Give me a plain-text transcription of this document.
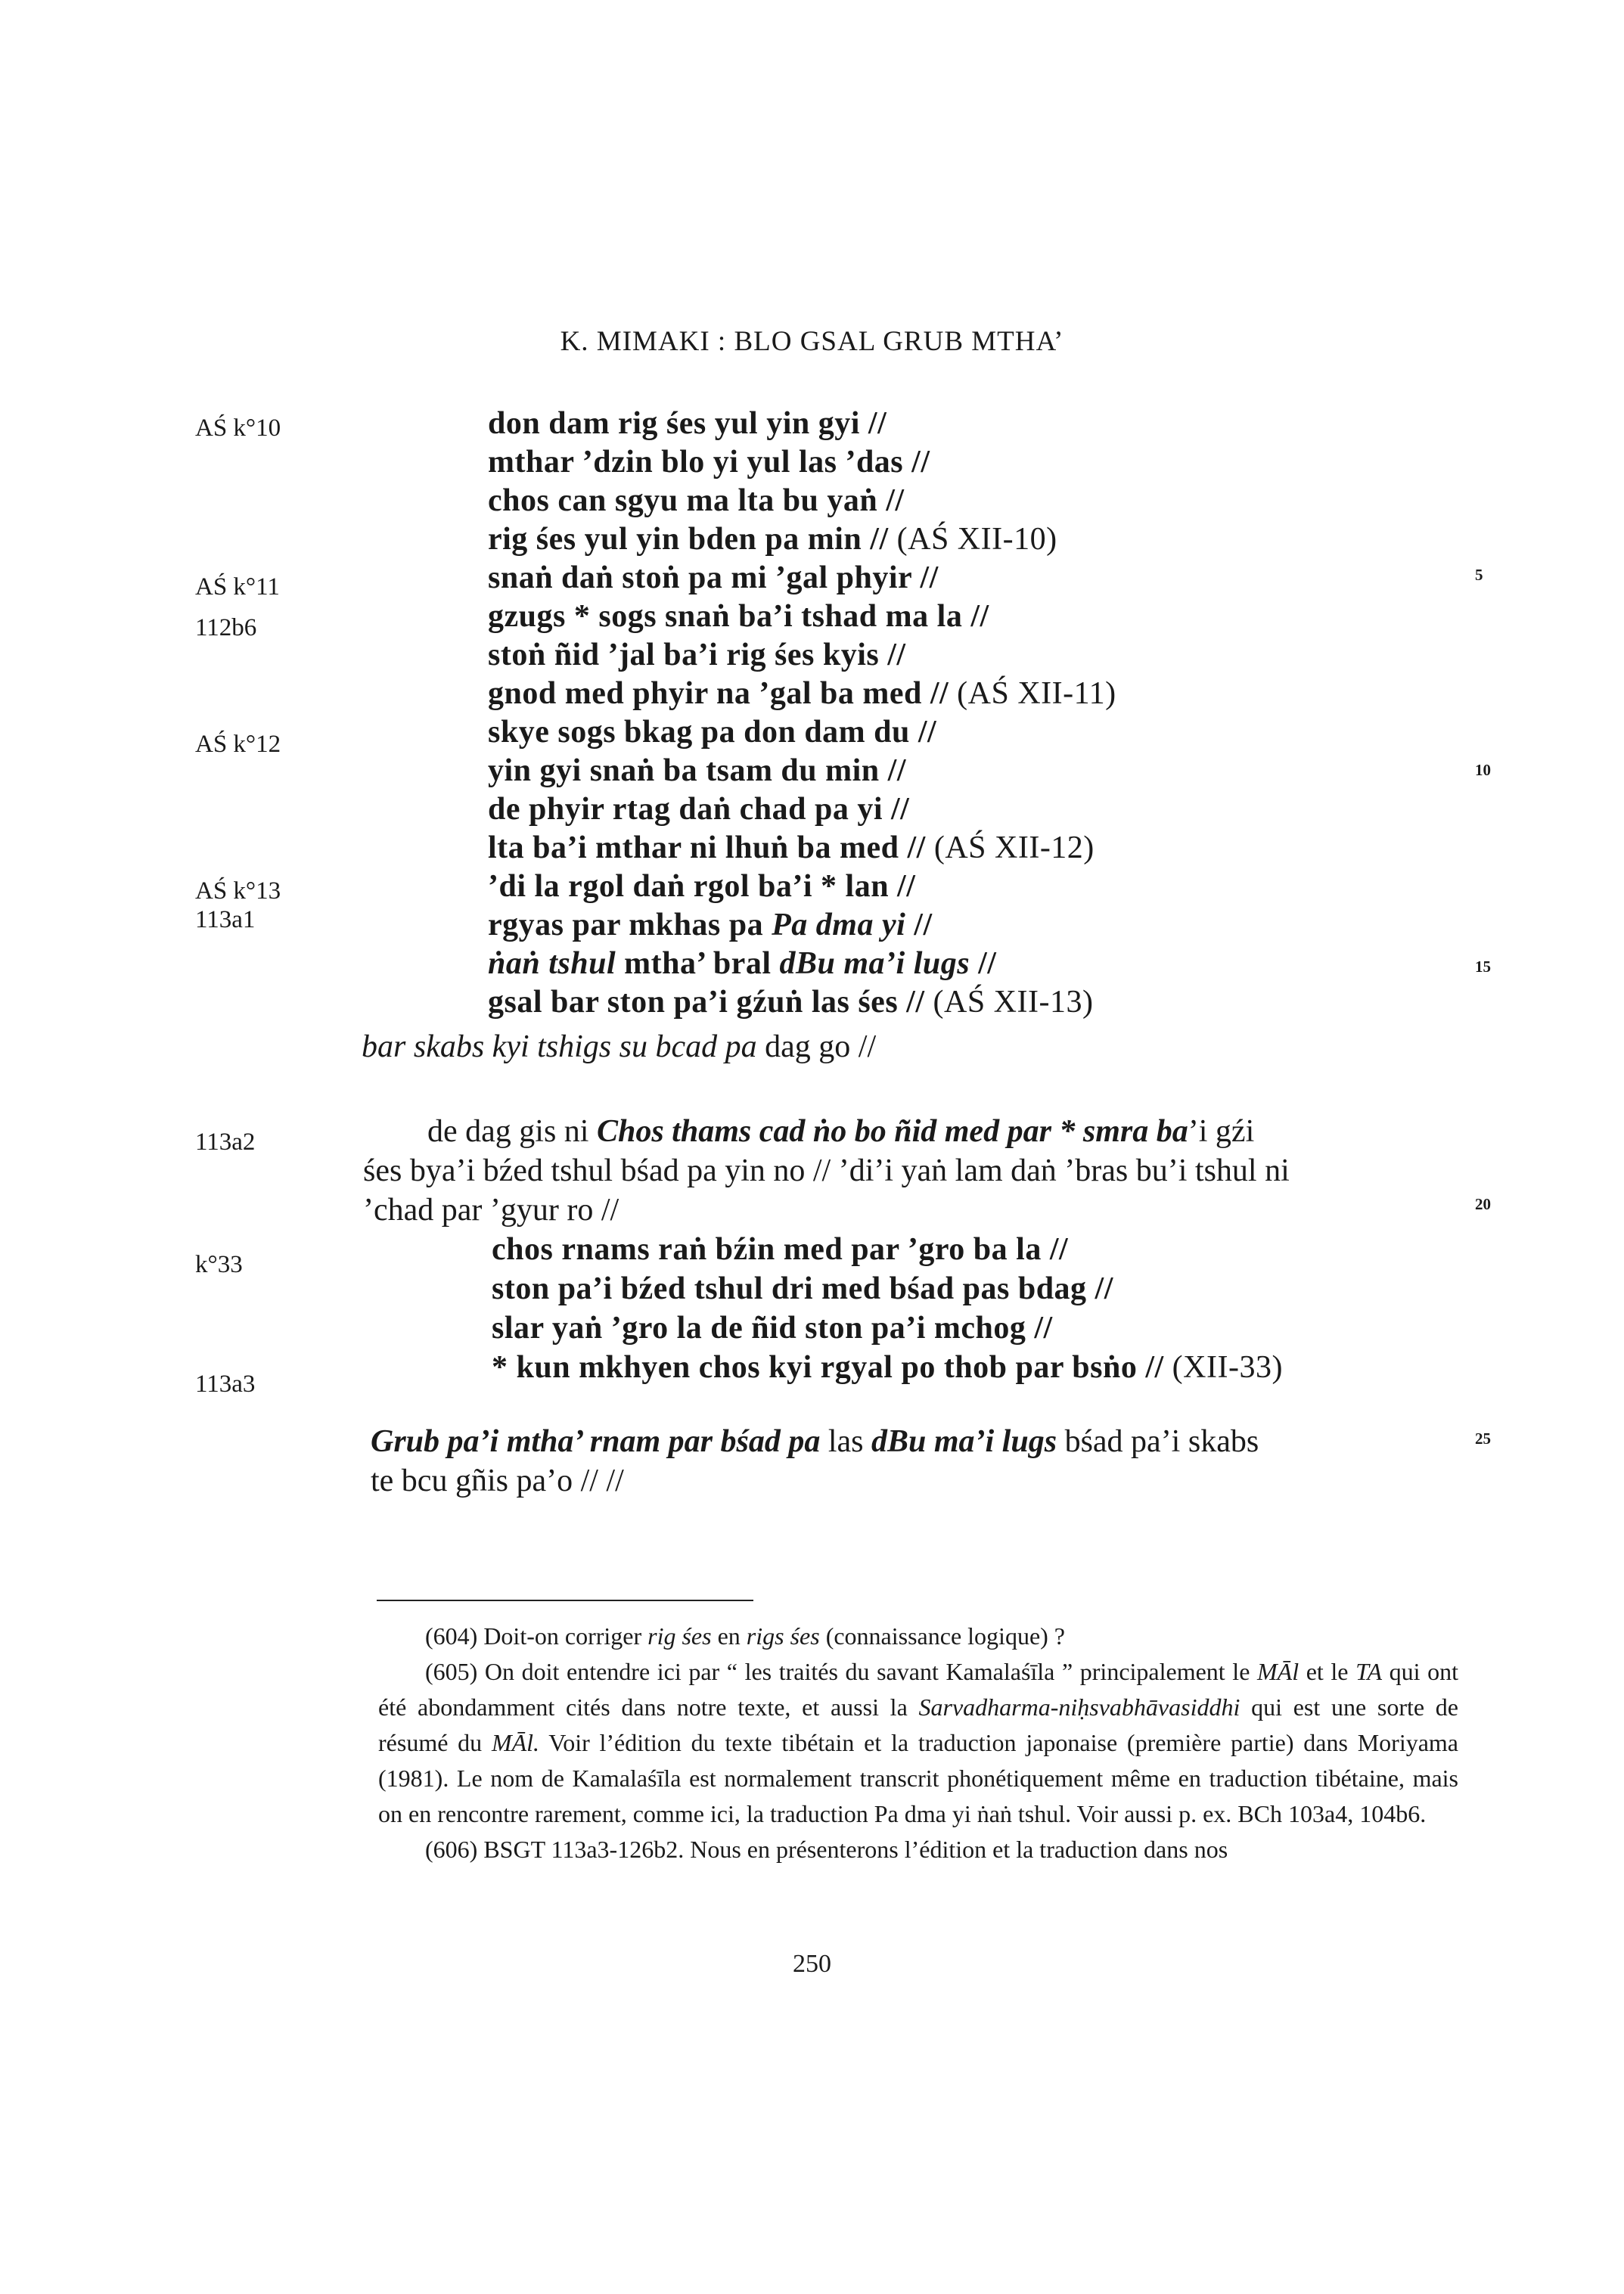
K. MIMAKI : BLO GSAL GRUB MTHA’
AŚ k°10
AŚ k°11
112b6
AŚ k°12
AŚ k°13
113a1
113a2
k°33
113a3
5
10
15
20
25
don dam rig śes yul yin gyi //
mthar ’dzin blo yi yul las ’das //
chos can sgyu ma lta bu yaṅ //
rig śes yul yin bden pa min // (AŚ XII-10)
snaṅ daṅ stoṅ pa mi ’gal phyir //
gzugs * sogs snaṅ ba’i tshad ma la //
stoṅ ñid ’jal ba’i rig śes kyis //
gnod med phyir na ’gal ba med // (AŚ XII-11)
skye sogs bkag pa don dam du //
yin gyi snaṅ ba tsam du min //
de phyir rtag daṅ chad pa yi //
lta ba’i mthar ni lhuṅ ba med // (AŚ XII-12)
’di la rgol daṅ rgol ba’i * lan //
rgyas par mkhas pa Pa dma yi //
ṅaṅ tshul mtha’ bral dBu ma’i lugs //
gsal bar ston pa’i gźuṅ las śes // (AŚ XII-13)
bar skabs kyi tshigs su bcad pa dag go //
de dag gis ni Chos thams cad ṅo bo ñid med par * smra ba’i gźi
śes bya’i bźed tshul bśad pa yin no // ’di’i yaṅ lam daṅ ’bras bu’i tshul ni
’chad par ’gyur ro //
chos rnams raṅ bźin med par ’gro ba la //
ston pa’i bźed tshul dri med bśad pas bdag //
slar yaṅ ’gro la de ñid ston pa’i mchog //
* kun mkhyen chos kyi rgyal po thob par bsṅo // (XII-33)
Grub pa’i mtha’ rnam par bśad pa las dBu ma’i lugs bśad pa’i skabs
te bcu gñis pa’o // //

(604) Doit-on corriger rig śes en rigs śes (connaissance logique) ?

(605) On doit entendre ici par “ les traités du savant Kamalaśīla ” principalement le MĀl et le TA qui ont été abondamment cités dans notre texte, et aussi la Sarvadharma-niḥsvabhāvasiddhi qui est une sorte de résumé du MĀl. Voir l’édition du texte tibétain et la traduction japonaise (première partie) dans Moriyama (1981). Le nom de Kamalaśīla est normalement transcrit phonétiquement même en traduction tibétaine, mais on en rencontre rarement, comme ici, la traduction Pa dma yi ṅaṅ tshul. Voir aussi p. ex. BCh 103a4, 104b6.

(606) BSGT 113a3-126b2. Nous en présenterons l’édition et la traduction dans nos

250
